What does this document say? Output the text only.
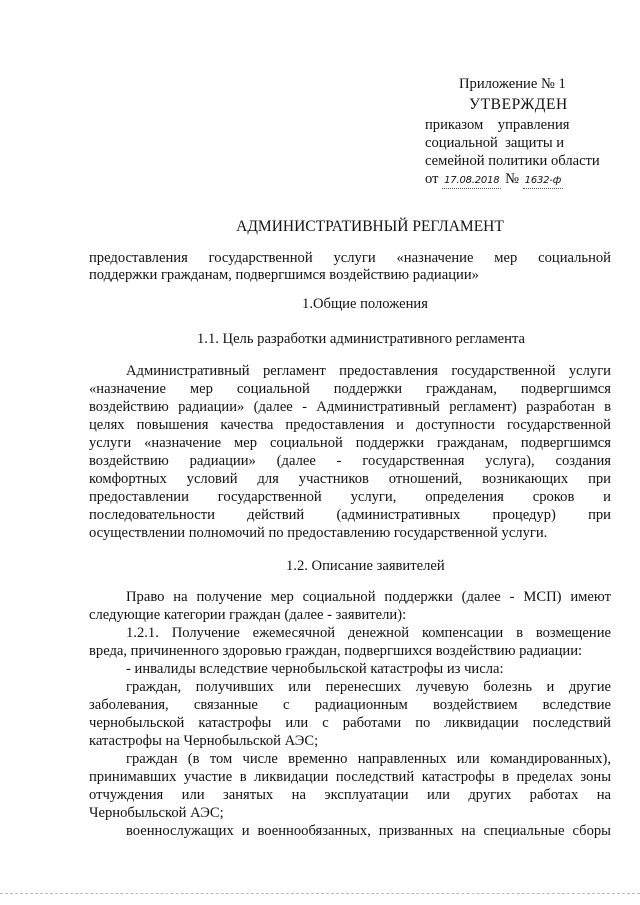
Приложение № 1
УТВЕРЖДЕН
приказом    управления
социальной  защиты и
семейной политики области
от 17.08.2018 № 1632-ф
АДМИНИСТРАТИВНЫЙ РЕГЛАМЕНТ
предоставления государственной услуги «назначение мер социальной
поддержки гражданам, подвергшимся воздействию радиации»
1.Общие положения
1.1. Цель разработки административного регламента
Административный регламент предоставления государственной услуги
«назначение мер социальной поддержки гражданам, подвергшимся
воздействию радиации» (далее - Административный регламент) разработан в
целях повышения качества предоставления и доступности государственной
услуги «назначение мер социальной поддержки гражданам, подвергшимся
воздействию радиации» (далее - государственная услуга), создания
комфортных условий для участников отношений, возникающих при
предоставлении государственной услуги, определения сроков и
последовательности действий (административных процедур) при
осуществлении полномочий по предоставлению государственной услуги.
1.2. Описание заявителей
Право на получение мер социальной поддержки (далее - МСП) имеют
следующие категории граждан (далее - заявители):
1.2.1. Получение ежемесячной денежной компенсации в возмещение
вреда, причиненного здоровью граждан, подвергшихся воздействию радиации:
- инвалиды вследствие чернобыльской катастрофы из числа:
граждан, получивших или перенесших лучевую болезнь и другие
заболевания, связанные с радиационным воздействием вследствие
чернобыльской катастрофы или с работами по ликвидации последствий
катастрофы на Чернобыльской АЭС;
граждан (в том числе временно направленных или командированных),
принимавших участие в ликвидации последствий катастрофы в пределах зоны
отчуждения или занятых на эксплуатации или других работах на
Чернобыльской АЭС;
военнослужащих и военнообязанных, призванных на специальные сборы
